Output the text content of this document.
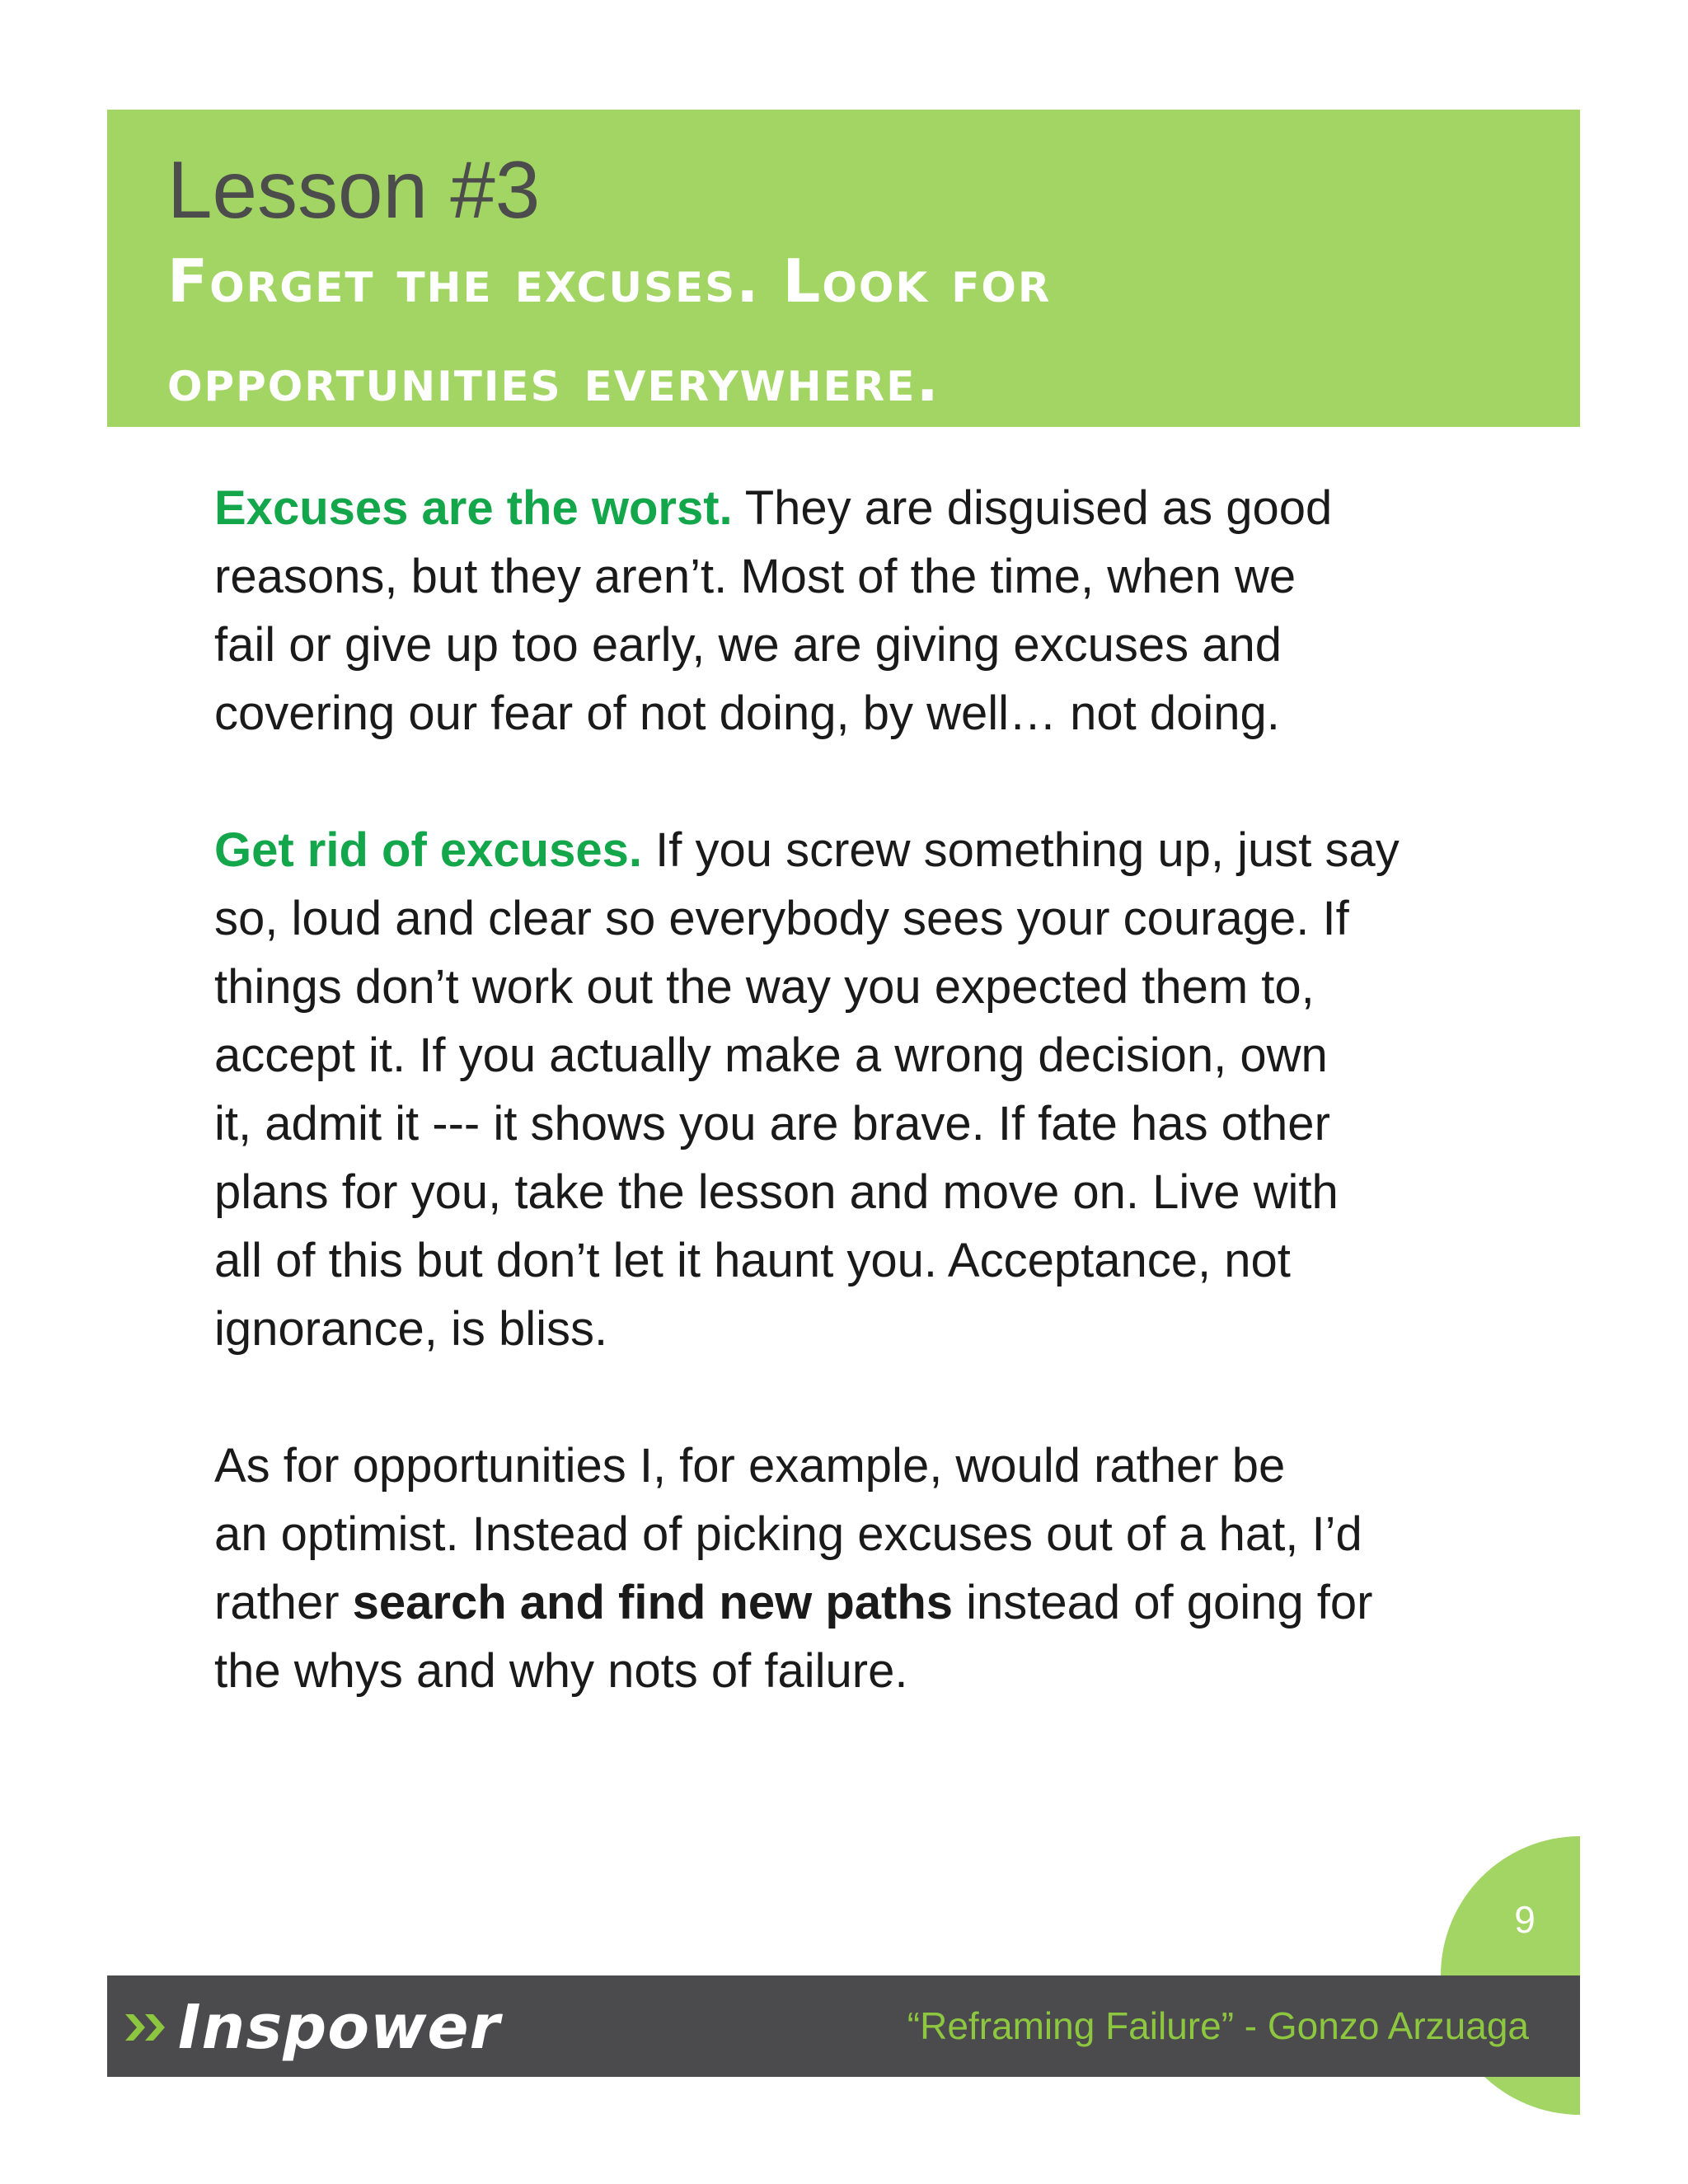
Lesson #3
Forget the excuses. Look for
opportunities everywhere.

Excuses are the worst. They are disguised as good
reasons, but they aren’t. Most of the time, when we
fail or give up too early, we are giving excuses and
covering our fear of not doing, by well… not doing.

Get rid of excuses. If you screw something up, just say
so, loud and clear so everybody sees your courage. If
things don’t work out the way you expected them to,
accept it. If you actually make a wrong decision, own
it, admit it --- it shows you are brave. If fate has other
plans for you, take the lesson and move on. Live with
all of this but don’t let it haunt you. Acceptance, not
ignorance, is bliss.

As for opportunities I, for example, would rather be
an optimist. Instead of picking excuses out of a hat, I’d
rather search and find new paths instead of going for
the whys and why nots of failure.

9
Inspower	“Reframing Failure” - Gonzo Arzuaga
